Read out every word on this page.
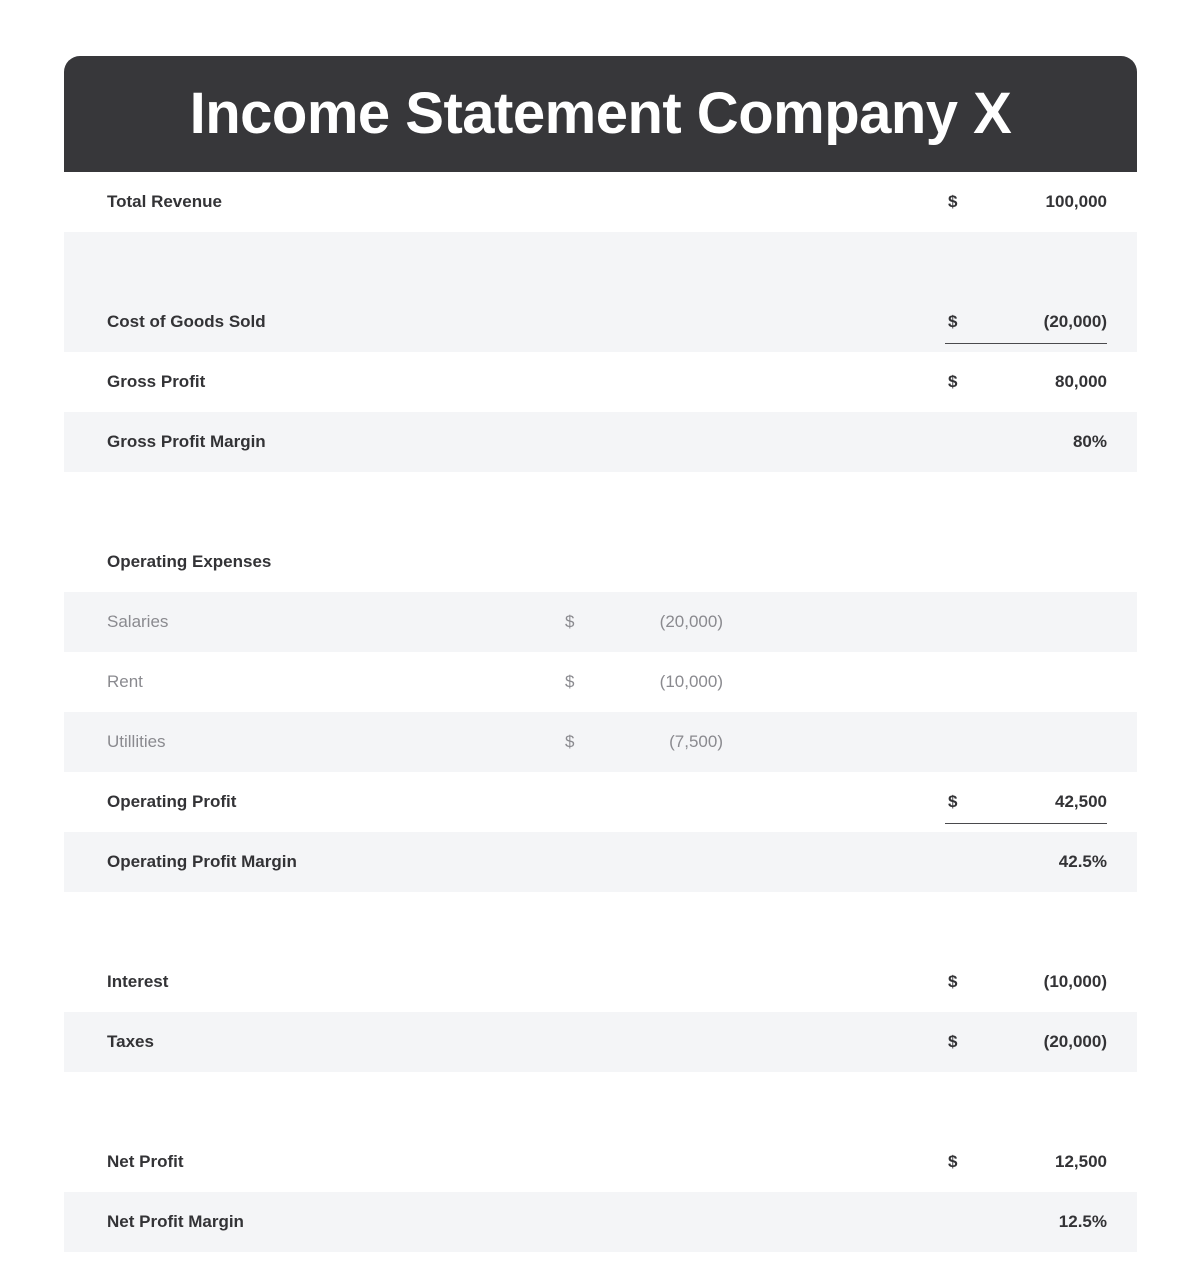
Income Statement Company X
Total Revenue	$	100,000
Cost of Goods Sold	$	(20,000)
Gross Profit	$	80,000
Gross Profit Margin	80%
Operating Expenses
Salaries	$	(20,000)
Rent	$	(10,000)
Utillities	$	(7,500)
Operating Profit	$	42,500
Operating Profit Margin	42.5%
Interest	$	(10,000)
Taxes	$	(20,000)
Net Profit	$	12,500
Net Profit Margin	12.5%
